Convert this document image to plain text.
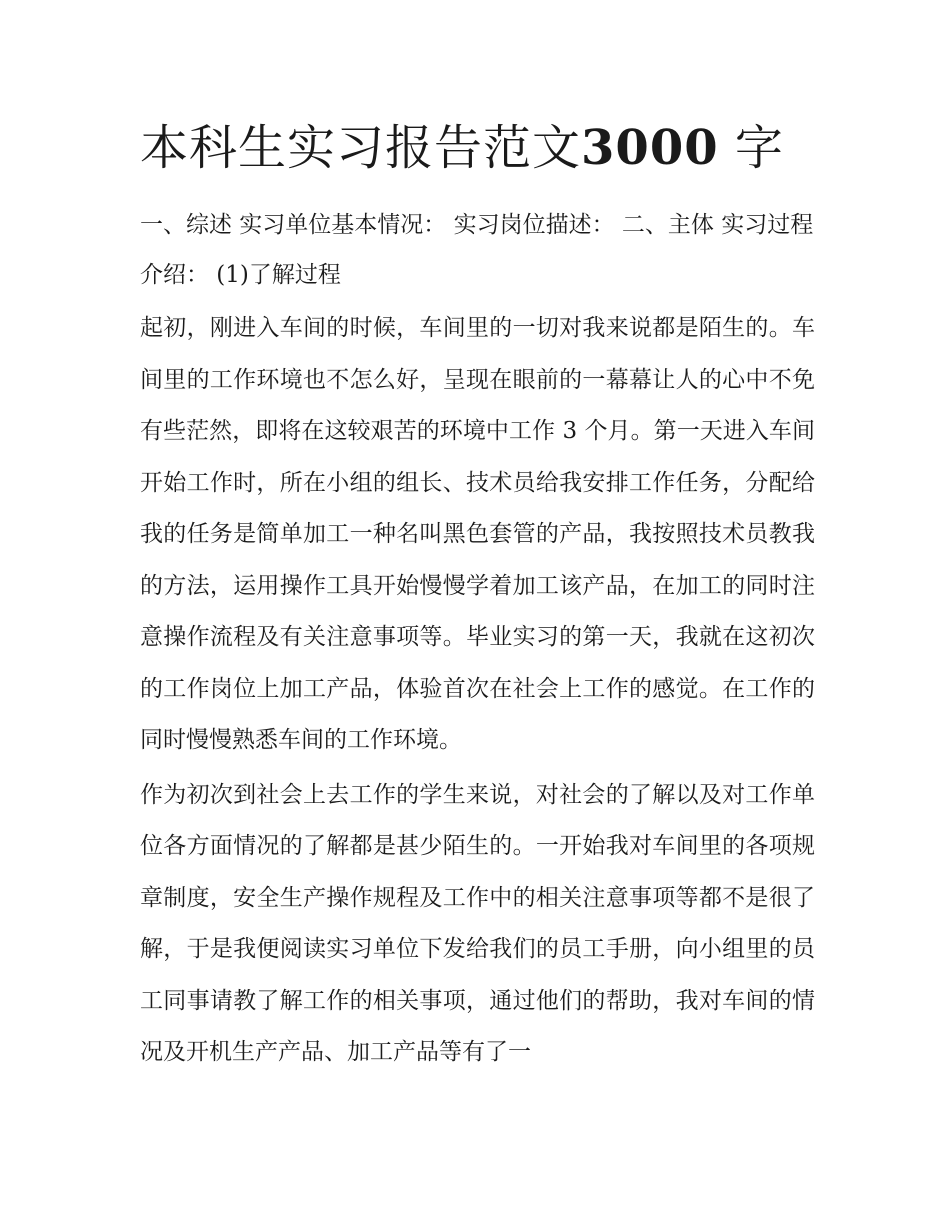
本科生实习报告范文3000 字

一、综述 实习单位基本情况： 实习岗位描述： 二、主体 实习过程介绍： (1)了解过程

起初，刚进入车间的时候，车间里的一切对我来说都是陌生的。车间里的工作环境也不怎么好，呈现在眼前的一幕幕让人的心中不免有些茫然，即将在这较艰苦的环境中工作 3 个月。第一天进入车间开始工作时，所在小组的组长、技术员给我安排工作任务，分配给我的任务是简单加工一种名叫黑色套管的产品，我按照技术员教我的方法，运用操作工具开始慢慢学着加工该产品，在加工的同时注意操作流程及有关注意事项等。毕业实习的第一天，我就在这初次的工作岗位上加工产品，体验首次在社会上工作的感觉。在工作的同时慢慢熟悉车间的工作环境。

作为初次到社会上去工作的学生来说，对社会的了解以及对工作单位各方面情况的了解都是甚少陌生的。一开始我对车间里的各项规章制度，安全生产操作规程及工作中的相关注意事项等都不是很了解，于是我便阅读实习单位下发给我们的员工手册，向小组里的员工同事请教了解工作的相关事项，通过他们的帮助，我对车间的情况及开机生产产品、加工产品等有了一
